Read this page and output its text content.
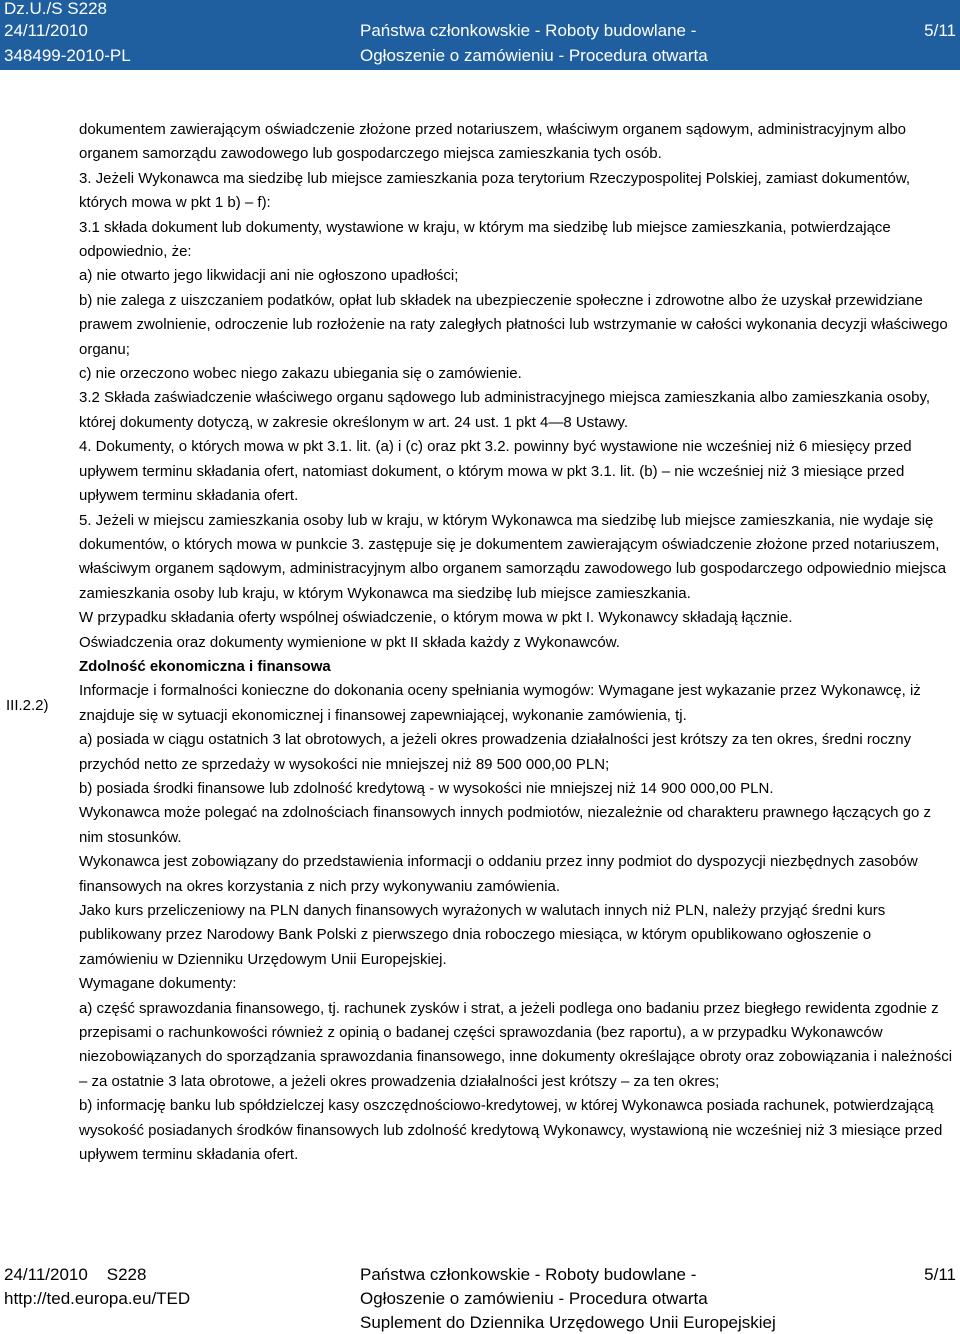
Dz.U./S S228
24/11/2010
348499-2010-PL
Państwa członkowskie - Roboty budowlane -
Ogłoszenie o zamówieniu - Procedura otwarta
5/11
III.2.2)

dokumentem zawierającym oświadczenie złożone przed notariuszem, właściwym organem sądowym, administracyjnym albo organem samorządu zawodowego lub gospodarczego miejsca zamieszkania tych osób.

3. Jeżeli Wykonawca ma siedzibę lub miejsce zamieszkania poza terytorium Rzeczypospolitej Polskiej, zamiast dokumentów, których mowa w pkt 1 b) – f):

3.1 składa dokument lub dokumenty, wystawione w kraju, w którym ma siedzibę lub miejsce zamieszkania, potwierdzające odpowiednio, że:

a) nie otwarto jego likwidacji ani nie ogłoszono upadłości;

b) nie zalega z uiszczaniem podatków, opłat lub składek na ubezpieczenie społeczne i zdrowotne albo że uzyskał przewidziane prawem zwolnienie, odroczenie lub rozłożenie na raty zaległych płatności lub wstrzymanie w całości wykonania decyzji właściwego organu;

c) nie orzeczono wobec niego zakazu ubiegania się o zamówienie.

3.2 Składa zaświadczenie właściwego organu sądowego lub administracyjnego miejsca zamieszkania albo zamieszkania osoby, której dokumenty dotyczą, w zakresie określonym w art. 24 ust. 1 pkt 4—8 Ustawy.

4. Dokumenty, o których mowa w pkt 3.1. lit. (a) i (c) oraz pkt 3.2. powinny być wystawione nie wcześniej niż 6 miesięcy przed upływem terminu składania ofert, natomiast dokument, o którym mowa w pkt 3.1. lit. (b) – nie wcześniej niż 3 miesiące przed upływem terminu składania ofert.

5. Jeżeli w miejscu zamieszkania osoby lub w kraju, w którym Wykonawca ma siedzibę lub miejsce zamieszkania, nie wydaje się dokumentów, o których mowa w punkcie 3. zastępuje się je dokumentem zawierającym oświadczenie złożone przed notariuszem, właściwym organem sądowym, administracyjnym albo organem samorządu zawodowego lub gospodarczego odpowiednio miejsca zamieszkania osoby lub kraju, w którym Wykonawca ma siedzibę lub miejsce zamieszkania.

W przypadku składania oferty wspólnej oświadczenie, o którym mowa w pkt I. Wykonawcy składają łącznie.

Oświadczenia oraz dokumenty wymienione w pkt II składa każdy z Wykonawców.

Zdolność ekonomiczna i finansowa

Informacje i formalności konieczne do dokonania oceny spełniania wymogów: Wymagane jest wykazanie przez Wykonawcę, iż znajduje się w sytuacji ekonomicznej i finansowej zapewniającej, wykonanie zamówienia, tj.

a) posiada w ciągu ostatnich 3 lat obrotowych, a jeżeli okres prowadzenia działalności jest krótszy za ten okres, średni roczny przychód netto ze sprzedaży w wysokości nie mniejszej niż 89 500 000,00 PLN;

b) posiada środki finansowe lub zdolność kredytową - w wysokości nie mniejszej niż 14 900 000,00 PLN.

Wykonawca może polegać na zdolnościach finansowych innych podmiotów, niezależnie od charakteru prawnego łączących go z nim stosunków.

Wykonawca jest zobowiązany do przedstawienia informacji o oddaniu przez inny podmiot do dyspozycji niezbędnych zasobów finansowych na okres korzystania z nich przy wykonywaniu zamówienia.

Jako kurs przeliczeniowy na PLN danych finansowych wyrażonych w walutach innych niż PLN, należy przyjąć średni kurs publikowany przez Narodowy Bank Polski z pierwszego dnia roboczego miesiąca, w którym opublikowano ogłoszenie o zamówieniu w Dzienniku Urzędowym Unii Europejskiej.

Wymagane dokumenty:

a) część sprawozdania finansowego, tj. rachunek zysków i strat, a jeżeli podlega ono badaniu przez biegłego rewidenta zgodnie z przepisami o rachunkowości również z opinią o badanej części sprawozdania (bez raportu), a w przypadku Wykonawców niezobowiązanych do sporządzania sprawozdania finansowego, inne dokumenty określające obroty oraz zobowiązania i należności – za ostatnie 3 lata obrotowe, a jeżeli okres prowadzenia działalności jest krótszy – za ten okres;

b) informację banku lub spółdzielczej kasy oszczędnościowo-kredytowej, w której Wykonawca posiada rachunek, potwierdzającą wysokość posiadanych środków finansowych lub zdolność kredytową Wykonawcy, wystawioną nie wcześniej niż 3 miesiące przed upływem terminu składania ofert.

24/11/2010 S228
http://ted.europa.eu/TED
Państwa członkowskie - Roboty budowlane -
Ogłoszenie o zamówieniu - Procedura otwarta
Suplement do Dziennika Urzędowego Unii Europejskiej
5/11
